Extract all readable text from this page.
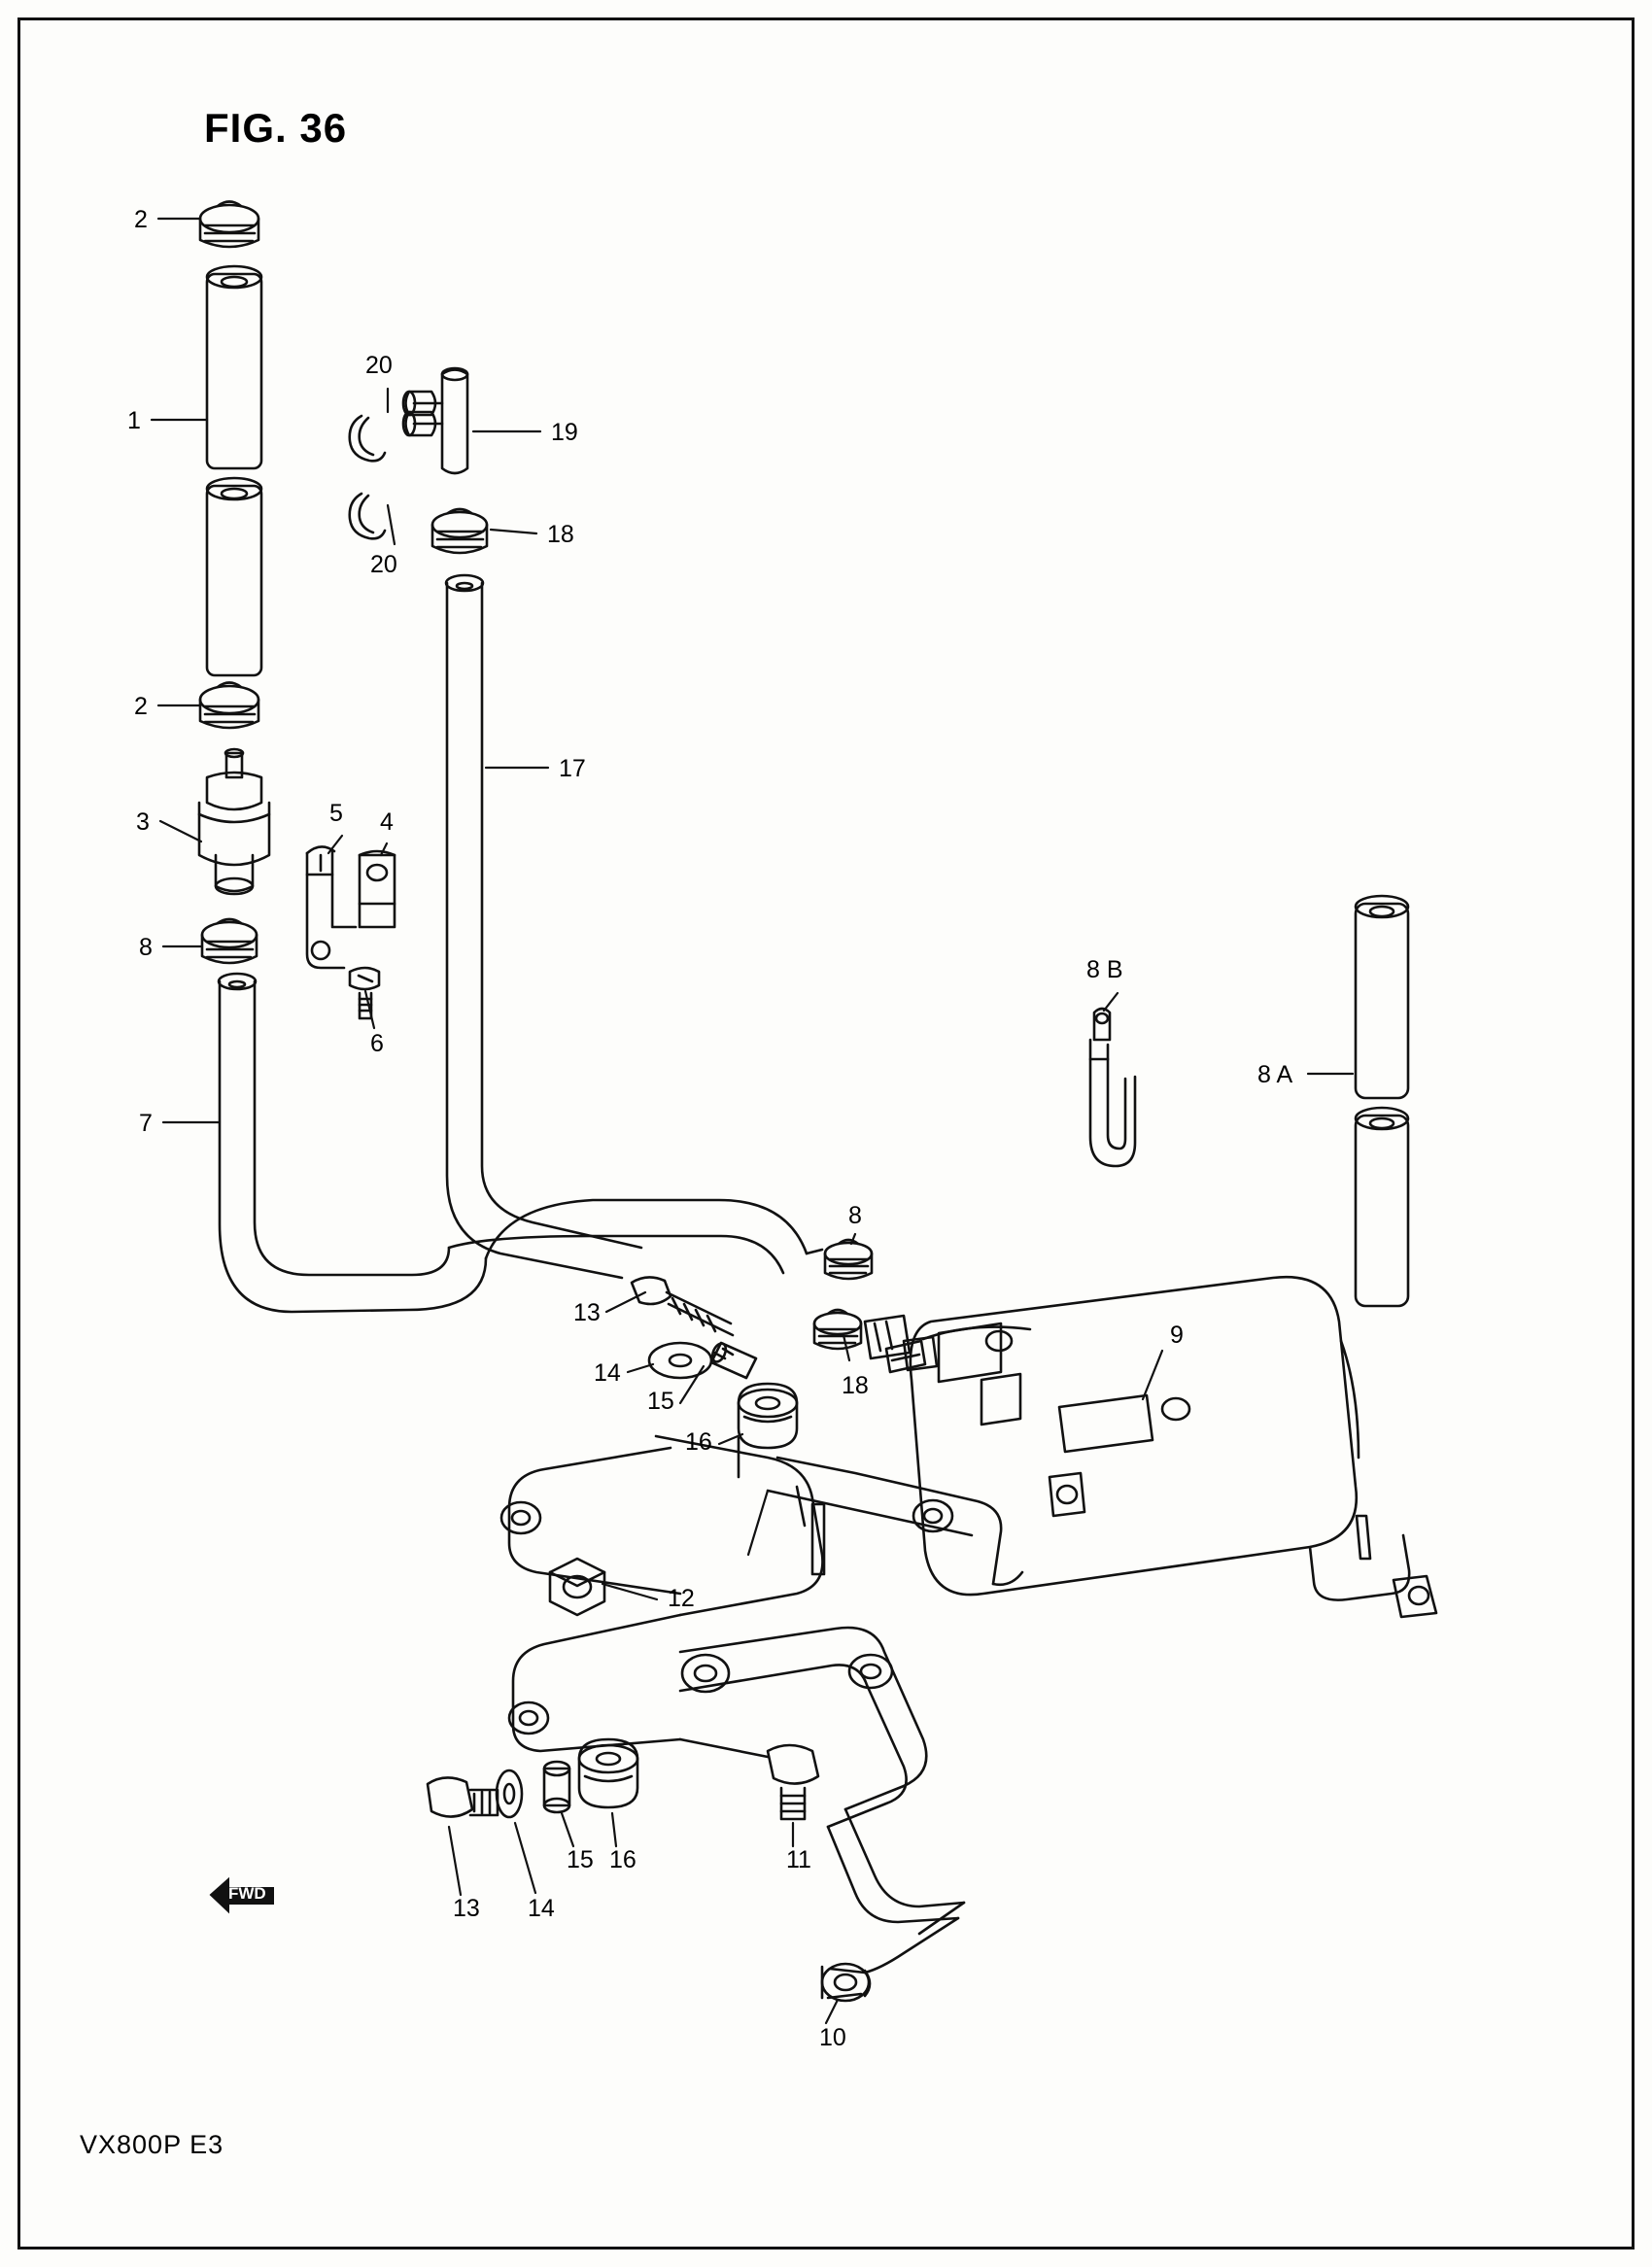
FIG. 36
VX800P E3
2
1
20
19
20
18
2
3	5 4
17
8
6
8 B
8 A
7
8
13
9
14
15
18
16
12
13 14
15 16	11
10
FWD
